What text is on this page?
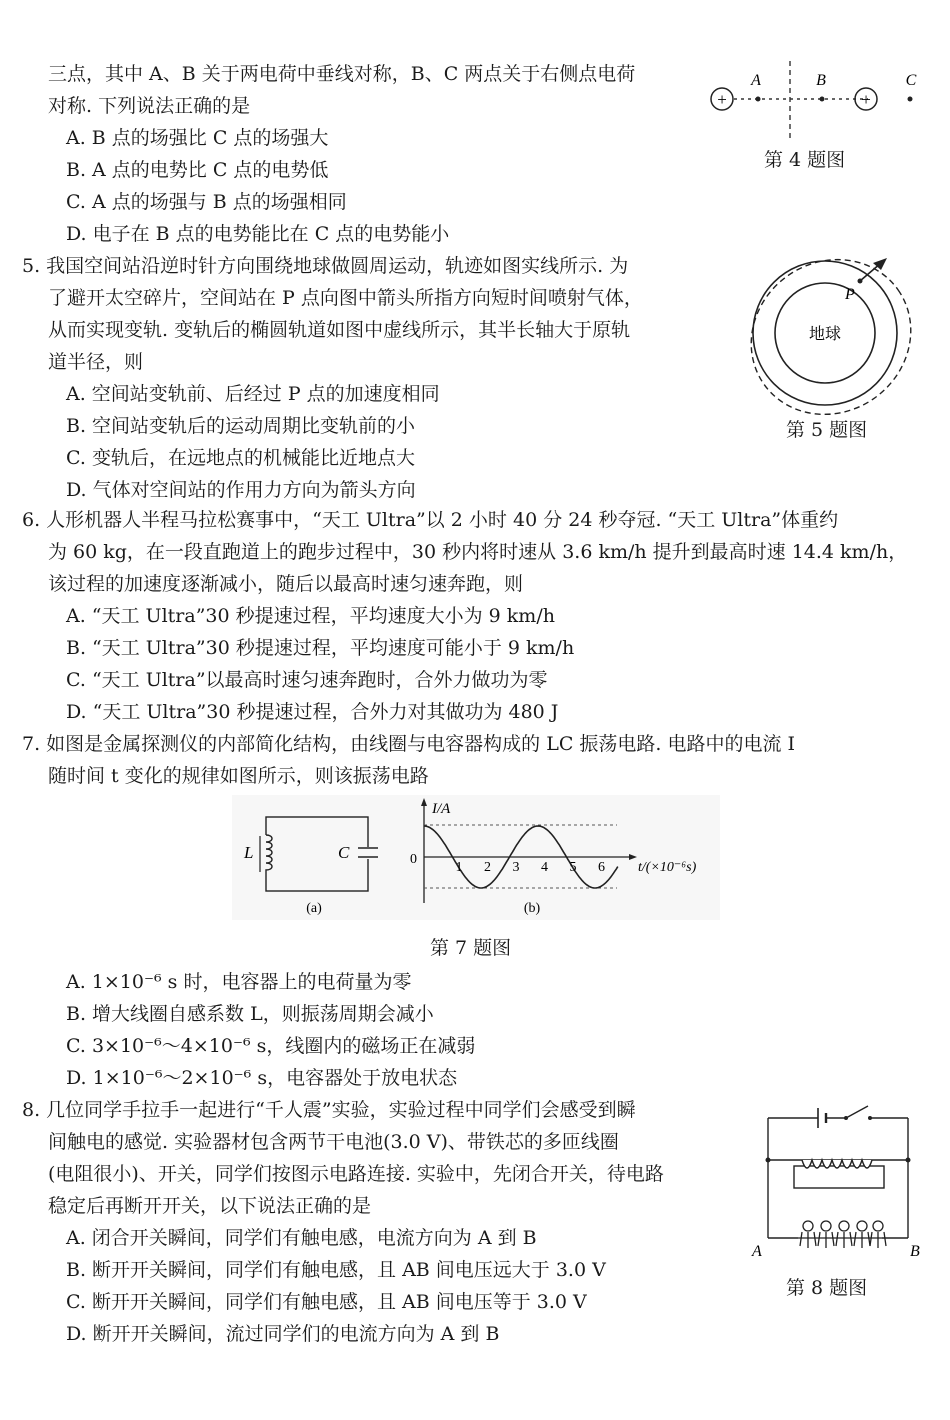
三点，其中 A、B 关于两电荷中垂线对称，B、C 两点关于右侧点电荷
对称. 下列说法正确的是
A. B 点的场强比 C 点的场强大
B. A 点的电势比 C 点的电势低
C. A 点的场强与 B 点的场强相同
D. 电子在 B 点的电势能比在 C 点的电势能小
+	+
A	B	C
第 4 题图
5. 我国空间站沿逆时针方向围绕地球做圆周运动，轨迹如图实线所示. 为
了避开太空碎片，空间站在 P 点向图中箭头所指方向短时间喷射气体，
从而实现变轨. 变轨后的椭圆轨道如图中虚线所示，其半长轴大于原轨
道半径，则
A. 空间站变轨前、后经过 P 点的加速度相同
B. 空间站变轨后的运动周期比变轨前的小
C. 变轨后，在远地点的机械能比近地点大
D. 气体对空间站的作用力方向为箭头方向
地球
P
第 5 题图
6. 人形机器人半程马拉松赛事中，“天工 Ultra”以 2 小时 40 分 24 秒夺冠. “天工 Ultra”体重约
为 60 kg，在一段直跑道上的跑步过程中，30 秒内将时速从 3.6 km/h 提升到最高时速 14.4 km/h，
该过程的加速度逐渐减小，随后以最高时速匀速奔跑，则
A. “天工 Ultra”30 秒提速过程，平均速度大小为 9 km/h
B. “天工 Ultra”30 秒提速过程，平均速度可能小于 9 km/h
C. “天工 Ultra”以最高时速匀速奔跑时，合外力做功为零
D. “天工 Ultra”30 秒提速过程，合外力对其做功为 480 J
7. 如图是金属探测仪的内部简化结构，由线圈与电容器构成的 LC 振荡电路. 电路中的电流 I
随时间 t 变化的规律如图所示，则该振荡电路
L	C
(a)
1 2 3 4 5 6
I/A
0
t/(×10⁻⁶s)
(b)
第 7 题图
A. 1×10⁻⁶ s 时，电容器上的电荷量为零
B. 增大线圈自感系数 L，则振荡周期会减小
C. 3×10⁻⁶～4×10⁻⁶ s，线圈内的磁场正在减弱
D. 1×10⁻⁶～2×10⁻⁶ s，电容器处于放电状态
8. 几位同学手拉手一起进行“千人震”实验，实验过程中同学们会感受到瞬
间触电的感觉. 实验器材包含两节干电池(3.0 V)、带铁芯的多匝线圈
(电阻很小)、开关，同学们按图示电路连接. 实验中，先闭合开关，待电路
稳定后再断开开关，以下说法正确的是
A. 闭合开关瞬间，同学们有触电感，电流方向为 A 到 B
B. 断开开关瞬间，同学们有触电感，且 AB 间电压远大于 3.0 V
C. 断开开关瞬间，同学们有触电感，且 AB 间电压等于 3.0 V
D. 断开开关瞬间，流过同学们的电流方向为 A 到 B
A	B
第 8 题图
